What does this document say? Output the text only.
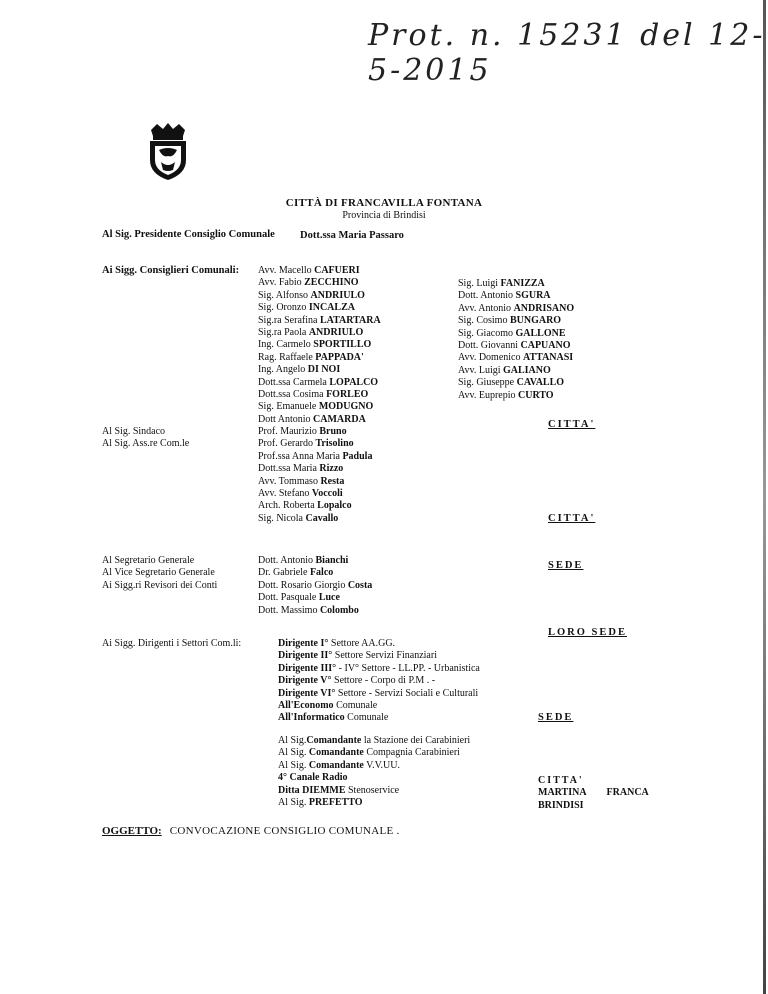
Prot. n. 15231 del 12-5-2015
CITTÀ DI FRANCAVILLA FONTANA
Provincia di Brindisi
Al Sig. Presidente Consiglio Comunale Dott.ssa Maria Passaro
Ai Sigg. Consiglieri Comunali: Avv. Macello CAFUERI
Avv. Fabio ZECCHINO
Sig. Alfonso ANDRIULO
Sig. Oronzo INCALZA
Sig.ra Serafina LATARTARA
Sig.ra Paola ANDRIULO
Ing. Carmelo SPORTILLO
Rag. Raffaele PAPPADA'
Ing. Angelo DI NOI
Dott.ssa Carmela LOPALCO
Dott.ssa Cosima FORLEO
Sig. Emanuele MODUGNO
Dott Antonio CAMARDA
Sig. Luigi FANIZZA
Dott. Antonio SGURA
Avv. Antonio ANDRISANO
Sig. Cosimo BUNGARO
Sig. Giacomo GALLONE
Dott. Giovanni CAPUANO
Avv. Domenico ATTANASI
Avv. Luigi GALIANO
Sig. Giuseppe CAVALLO
Avv. Euprepio CURTO
CITTA'
Al Sig. Sindaco
Al Sig. Ass.re Com.le
Prof. Maurizio Bruno
Prof. Gerardo Trisolino
Prof.ssa Anna Maria Padula
Dott.ssa Maria Rizzo
Avv. Tommaso Resta
Avv. Stefano Voccoli
Arch. Roberta Lopalco
Sig. Nicola Cavallo	CITTA'
Al Segretario Generale
Al Vice Segretario Generale
Ai Sigg.ri Revisori dei Conti
Dott. Antonio Bianchi
Dr. Gabriele Falco
Dott. Rosario Giorgio Costa
Dott. Pasquale Luce
Dott. Massimo Colombo
SEDE
Ai Sigg. Dirigenti i Settori Com.li:
LORO SEDE
Dirigente I° Settore AA.GG.
Dirigente II° Settore Servizi Finanziari
Dirigente III° - IV° Settore - LL.PP. - Urbanistica
Dirigente V° Settore - Corpo di P.M . -
Dirigente VI° Settore - Servizi Sociali e Culturali
All'Economo Comunale
All'Informatico Comunale	SEDE
Al Sig.Comandante la Stazione dei Carabinieri
Al Sig. Comandante Compagnia Carabinieri
Al Sig. Comandante V.V.UU.
4° Canale Radio
Ditta DIEMME Stenoservice
Al Sig. PREFETTO
CITTA'
MARTINA FRANCA
BRINDISI
OGGETTO: CONVOCAZIONE CONSIGLIO COMUNALE .
